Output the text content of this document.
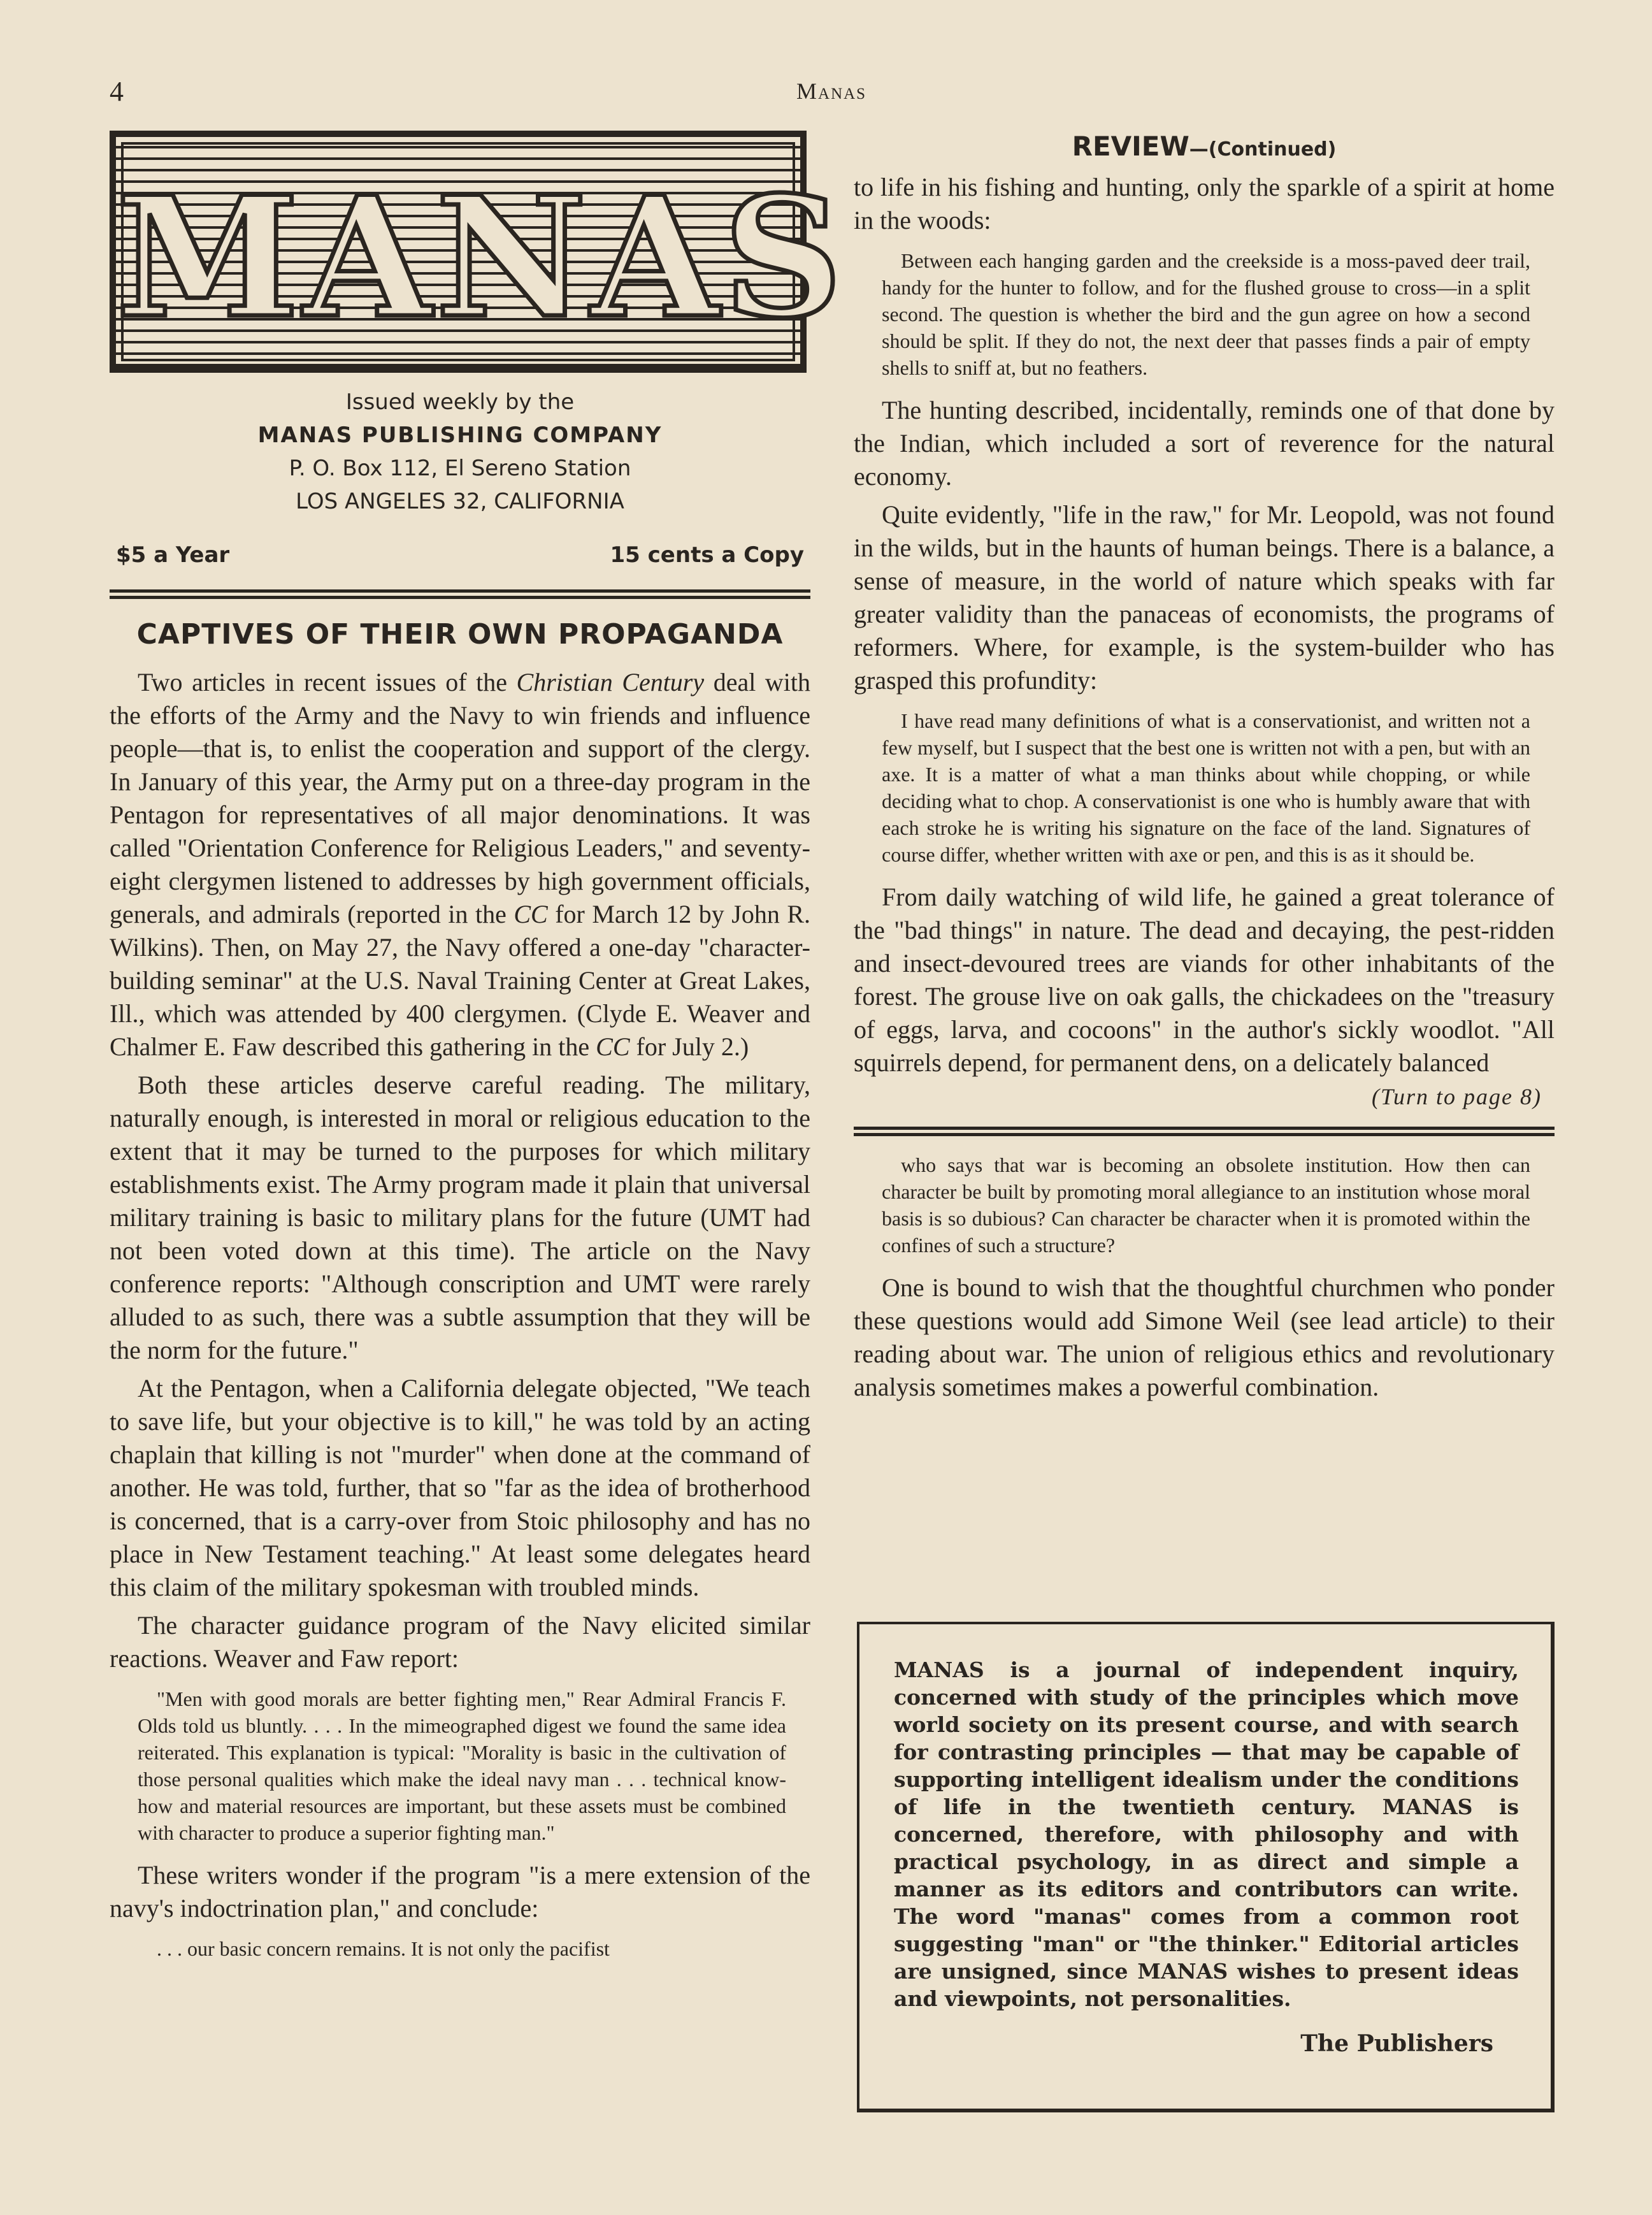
4	Manas
MANAS
Issued weekly by the
MANAS PUBLISHING COMPANY
P. O. Box 112, El Sereno Station
LOS ANGELES 32, CALIFORNIA
$5 a Year	15 cents a Copy
CAPTIVES OF THEIR OWN PROPAGANDA

Two articles in recent issues of the Christian Century deal with the efforts of the Army and the Navy to win friends and influence people—that is, to enlist the cooperation and support of the clergy. In January of this year, the Army put on a three-day program in the Pentagon for representatives of all major denominations. It was called "Orientation Conference for Religious Leaders," and seventy-eight clergymen listened to addresses by high government officials, generals, and admirals (reported in the CC for March 12 by John R. Wilkins). Then, on May 27, the Navy offered a one-day "character-building seminar" at the U.S. Naval Training Center at Great Lakes, Ill., which was attended by 400 clergymen. (Clyde E. Weaver and Chalmer E. Faw described this gathering in the CC for July 2.)

Both these articles deserve careful reading. The military, naturally enough, is interested in moral or religious education to the extent that it may be turned to the purposes for which military establishments exist. The Army program made it plain that universal military training is basic to military plans for the future (UMT had not been voted down at this time). The article on the Navy conference reports: "Although conscription and UMT were rarely alluded to as such, there was a subtle assumption that they will be the norm for the future."

At the Pentagon, when a California delegate objected, "We teach to save life, but your objective is to kill," he was told by an acting chaplain that killing is not "murder" when done at the command of another. He was told, further, that so "far as the idea of brotherhood is concerned, that is a carry-over from Stoic philosophy and has no place in New Testament teaching." At least some delegates heard this claim of the military spokesman with troubled minds.

The character guidance program of the Navy elicited similar reactions. Weaver and Faw report:

"Men with good morals are better fighting men," Rear Admiral Francis F. Olds told us bluntly. . . . In the mimeographed digest we found the same idea reiterated. This explanation is typical: "Morality is basic in the cultivation of those personal qualities which make the ideal navy man . . . technical know-how and material resources are important, but these assets must be combined with character to produce a superior fighting man."

These writers wonder if the program "is a mere extension of the navy's indoctrination plan," and conclude:

. . . our basic concern remains. It is not only the pacifist

REVIEW—(Continued)

to life in his fishing and hunting, only the sparkle of a spirit at home in the woods:

Between each hanging garden and the creekside is a moss-paved deer trail, handy for the hunter to follow, and for the flushed grouse to cross—in a split second. The question is whether the bird and the gun agree on how a second should be split. If they do not, the next deer that passes finds a pair of empty shells to sniff at, but no feathers.

The hunting described, incidentally, reminds one of that done by the Indian, which included a sort of reverence for the natural economy.

Quite evidently, "life in the raw," for Mr. Leopold, was not found in the wilds, but in the haunts of human beings. There is a balance, a sense of measure, in the world of nature which speaks with far greater validity than the panaceas of economists, the programs of reformers. Where, for example, is the system-builder who has grasped this profundity:

I have read many definitions of what is a conservationist, and written not a few myself, but I suspect that the best one is written not with a pen, but with an axe. It is a matter of what a man thinks about while chopping, or while deciding what to chop. A conservationist is one who is humbly aware that with each stroke he is writing his signature on the face of the land. Signatures of course differ, whether written with axe or pen, and this is as it should be.

From daily watching of wild life, he gained a great tolerance of the "bad things" in nature. The dead and decaying, the pest-ridden and insect-devoured trees are viands for other inhabitants of the forest. The grouse live on oak galls, the chickadees on the "treasury of eggs, larva, and cocoons" in the author's sickly woodlot. "All squirrels depend, for permanent dens, on a delicately balanced

(Turn to page 8)

who says that war is becoming an obsolete institution. How then can character be built by promoting moral allegiance to an institution whose moral basis is so dubious? Can character be character when it is promoted within the confines of such a structure?

One is bound to wish that the thoughtful churchmen who ponder these questions would add Simone Weil (see lead article) to their reading about war. The union of religious ethics and revolutionary analysis sometimes makes a powerful combination.

MANAS is a journal of independent inquiry, concerned with study of the principles which move world society on its present course, and with search for contrasting principles — that may be capable of supporting intelligent idealism under the conditions of life in the twentieth century. MANAS is concerned, therefore, with philosophy and with practical psychology, in as direct and simple a manner as its editors and contributors can write. The word "manas" comes from a common root suggesting "man" or "the thinker." Editorial articles are unsigned, since MANAS wishes to present ideas and viewpoints, not personalities.

The Publishers
